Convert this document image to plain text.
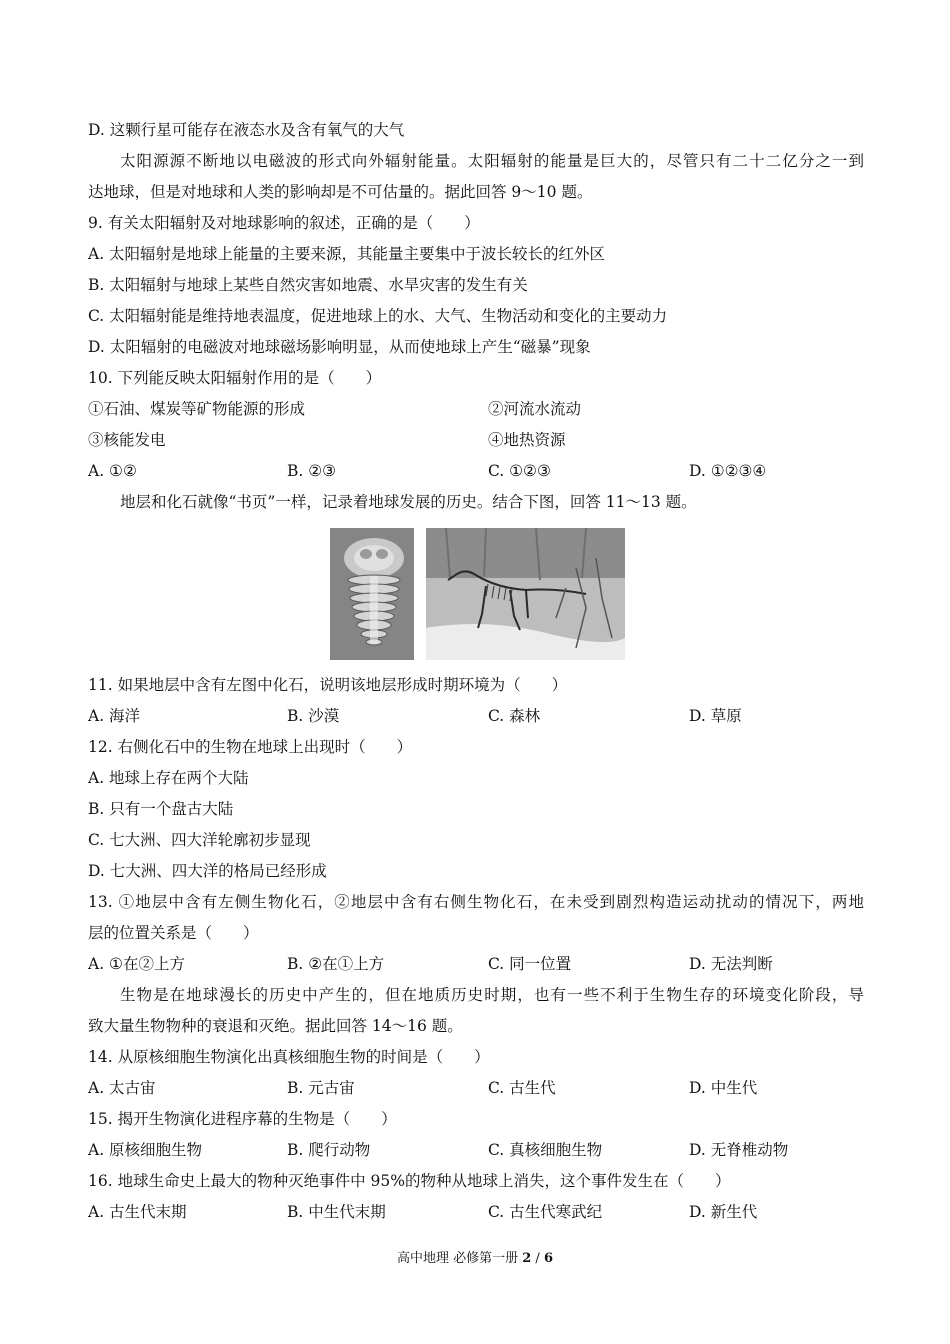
D. 这颗行星可能存在液态水及含有氧气的大气
太阳源源不断地以电磁波的形式向外辐射能量。太阳辐射的能量是巨大的，尽管只有二十二亿分之一到
达地球，但是对地球和人类的影响却是不可估量的。据此回答 9～10 题。
9. 有关太阳辐射及对地球影响的叙述，正确的是（　　）
A. 太阳辐射是地球上能量的主要来源，其能量主要集中于波长较长的红外区
B. 太阳辐射与地球上某些自然灾害如地震、水旱灾害的发生有关
C. 太阳辐射能是维持地表温度，促进地球上的水、大气、生物活动和变化的主要动力
D. 太阳辐射的电磁波对地球磁场影响明显，从而使地球上产生“磁暴”现象
10. 下列能反映太阳辐射作用的是（　　）
①石油、煤炭等矿物能源的形成	②河流水流动
③核能发电	④地热资源
A. ①②	B. ②③	C. ①②③	D. ①②③④
地层和化石就像“书页”一样，记录着地球发展的历史。结合下图，回答 11～13 题。
11. 如果地层中含有左图中化石，说明该地层形成时期环境为（　　）
A. 海洋	B. 沙漠	C. 森林	D. 草原
12. 右侧化石中的生物在地球上出现时（　　）
A. 地球上存在两个大陆
B. 只有一个盘古大陆
C. 七大洲、四大洋轮廓初步显现
D. 七大洲、四大洋的格局已经形成
13. ①地层中含有左侧生物化石，②地层中含有右侧生物化石，在未受到剧烈构造运动扰动的情况下，两地
层的位置关系是（　　）
A. ①在②上方	B. ②在①上方	C. 同一位置	D. 无法判断
生物是在地球漫长的历史中产生的，但在地质历史时期，也有一些不利于生物生存的环境变化阶段，导
致大量生物物种的衰退和灭绝。据此回答 14～16 题。
14. 从原核细胞生物演化出真核细胞生物的时间是（　　）
A. 太古宙	B. 元古宙	C. 古生代	D. 中生代
15. 揭开生物演化进程序幕的生物是（　　）
A. 原核细胞生物	B. 爬行动物	C. 真核细胞生物	D. 无脊椎动物
16. 地球生命史上最大的物种灭绝事件中 95%的物种从地球上消失，这个事件发生在（　　）
A. 古生代末期	B. 中生代末期	C. 古生代寒武纪	D. 新生代
高中地理 必修第一册 2 / 6
